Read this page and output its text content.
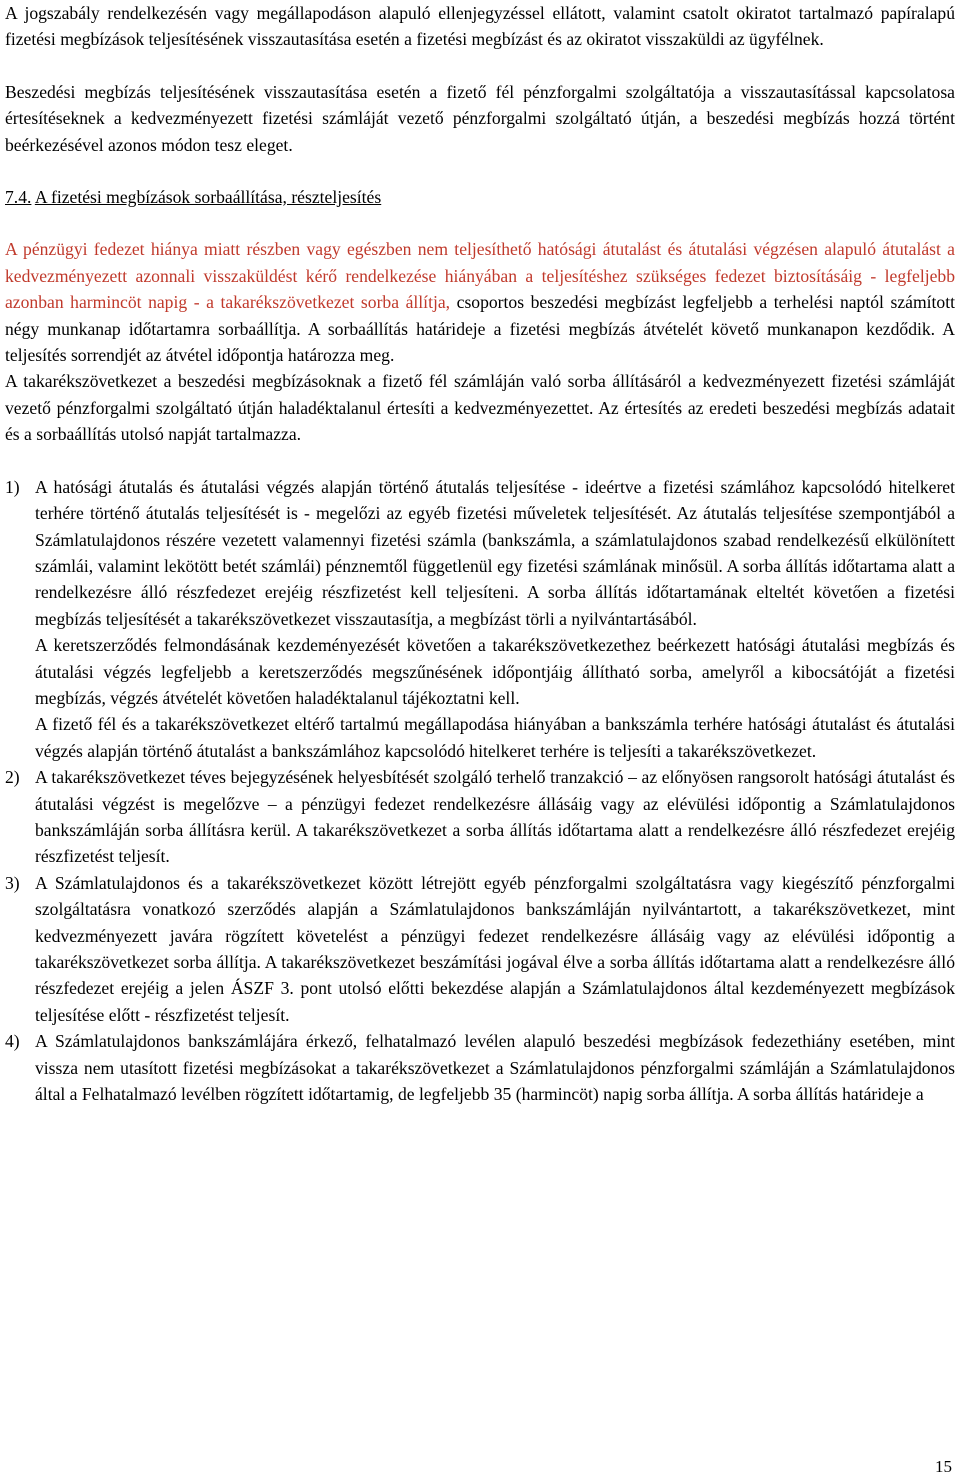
A jogszabály rendelkezésén vagy megállapodáson alapuló ellenjegyzéssel ellátott, valamint csatolt okiratot tartalmazó papíralapú fizetési megbízások teljesítésének visszautasítása esetén a fizetési megbízást és az okiratot visszaküldi az ügyfélnek.

Beszedési megbízás teljesítésének visszautasítása esetén a fizető fél pénzforgalmi szolgáltatója a visszautasítással kapcsolatosa értesítéseknek a kedvezményezett fizetési számláját vezető pénzforgalmi szolgáltató útján, a beszedési megbízás hozzá történt beérkezésével azonos módon tesz eleget.

7.4. A fizetési megbízások sorbaállítása, részteljesítés

A pénzügyi fedezet hiánya miatt részben vagy egészben nem teljesíthető hatósági átutalást és átutalási végzésen alapuló átutalást a kedvezményezett azonnali visszaküldést kérő rendelkezése hiányában a teljesítéshez szükséges fedezet biztosításáig - legfeljebb azonban harmincöt napig - a takarékszövetkezet sorba állítja, csoportos beszedési megbízást legfeljebb a terhelési naptól számított négy munkanap időtartamra sorbaállítja. A sorbaállítás határideje a fizetési megbízás átvételét követő munkanapon kezdődik. A teljesítés sorrendjét az átvétel időpontja határozza meg.

A takarékszövetkezet a beszedési megbízásoknak a fizető fél számláján való sorba állításáról a kedvezményezett fizetési számláját vezető pénzforgalmi szolgáltató útján haladéktalanul értesíti a kedvezményezettet. Az értesítés az eredeti beszedési megbízás adatait és a sorbaállítás utolsó napját tartalmazza.

1) A hatósági átutalás és átutalási végzés alapján történő átutalás teljesítése - ideértve a fizetési számlához kapcsolódó hitelkeret terhére történő átutalás teljesítését is - megelőzi az egyéb fizetési műveletek teljesítését. Az átutalás teljesítése szempontjából a Számlatulajdonos részére vezetett valamennyi fizetési számla (bankszámla, a számlatulajdonos szabad rendelkezésű elkülönített számlái, valamint lekötött betét számlái) pénznemtől függetlenül egy fizetési számlának minősül. A sorba állítás időtartama alatt a rendelkezésre álló részfedezet erejéig részfizetést kell teljesíteni. A sorba állítás időtartamának elteltét követően a fizetési megbízás teljesítését a takarékszövetkezet visszautasítja, a megbízást törli a nyilvántartásából.

A keretszerződés felmondásának kezdeményezését követően a takarékszövetkezethez beérkezett hatósági átutalási megbízás és átutalási végzés legfeljebb a keretszerződés megszűnésének időpontjáig állítható sorba, amelyről a kibocsátóját a fizetési megbízás, végzés átvételét követően haladéktalanul tájékoztatni kell.

A fizető fél és a takarékszövetkezet eltérő tartalmú megállapodása hiányában a bankszámla terhére hatósági átutalást és átutalási végzés alapján történő átutalást a bankszámlához kapcsolódó hitelkeret terhére is teljesíti a takarékszövetkezet.

2) A takarékszövetkezet téves bejegyzésének helyesbítését szolgáló terhelő tranzakció – az előnyösen rangsorolt hatósági átutalást és átutalási végzést is megelőzve – a pénzügyi fedezet rendelkezésre állásáig vagy az elévülési időpontig a Számlatulajdonos bankszámláján sorba állításra kerül. A takarékszövetkezet a sorba állítás időtartama alatt a rendelkezésre álló részfedezet erejéig részfizetést teljesít.

3) A Számlatulajdonos és a takarékszövetkezet között létrejött egyéb pénzforgalmi szolgáltatásra vagy kiegészítő pénzforgalmi szolgáltatásra vonatkozó szerződés alapján a Számlatulajdonos bankszámláján nyilvántartott, a takarékszövetkezet, mint kedvezményezett javára rögzített követelést a pénzügyi fedezet rendelkezésre állásáig vagy az elévülési időpontig a takarékszövetkezet sorba állítja. A takarékszövetkezet beszámítási jogával élve a sorba állítás időtartama alatt a rendelkezésre álló részfedezet erejéig a jelen ÁSZF 3. pont utolsó előtti bekezdése alapján a Számlatulajdonos által kezdeményezett megbízások teljesítése előtt - részfizetést teljesít.

4) A Számlatulajdonos bankszámlájára érkező, felhatalmazó levélen alapuló beszedési megbízások fedezethiány esetében, mint vissza nem utasított fizetési megbízásokat a takarékszövetkezet a Számlatulajdonos pénzforgalmi számláján a Számlatulajdonos által a Felhatalmazó levélben rögzített időtartamig, de legfeljebb 35 (harmincöt) napig sorba állítja. A sorba állítás határideje a

15
